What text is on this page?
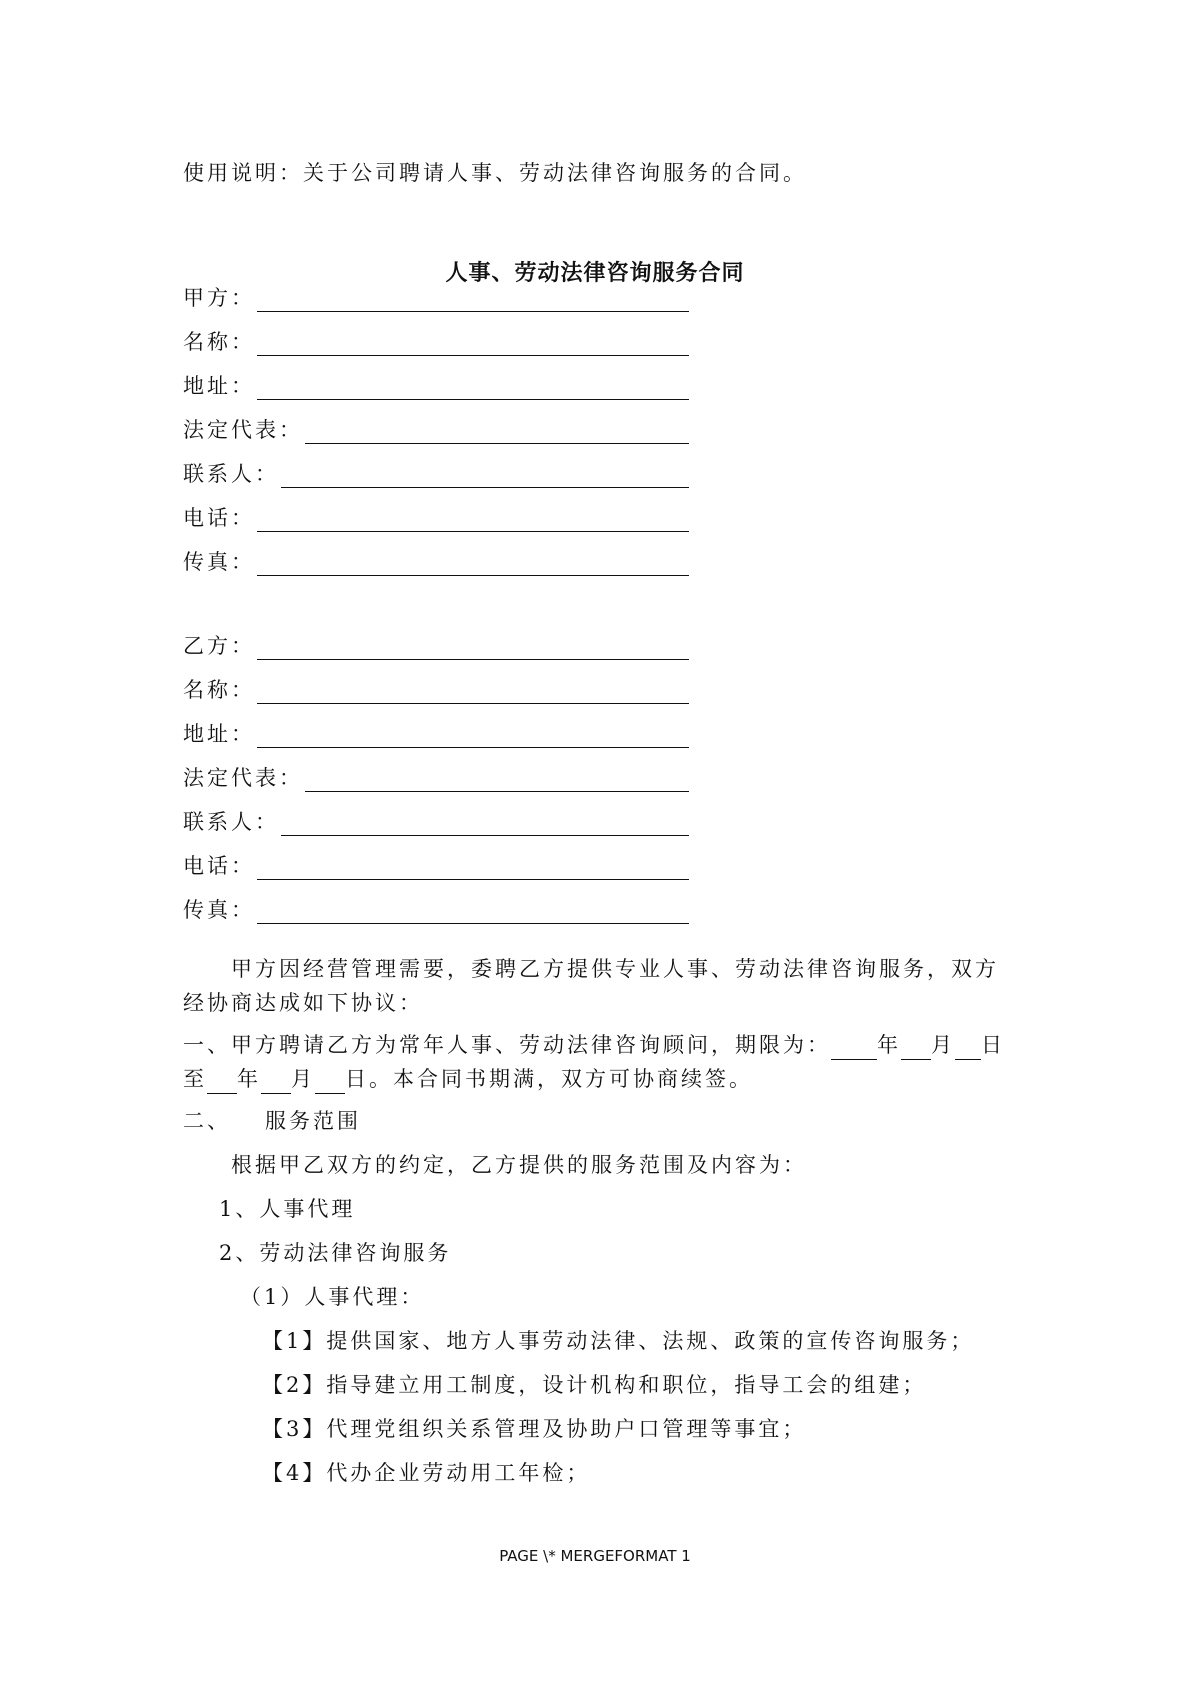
使用说明：关于公司聘请人事、劳动法律咨询服务的合同。
人事、劳动法律咨询服务合同
甲方：
名称：
地址：
法定代表：
联系人：
电话：
传真：
乙方：
名称：
地址：
法定代表：
联系人：
电话：
传真：
甲方因经营管理需要，委聘乙方提供专业人事、劳动法律咨询服务，双方
经协商达成如下协议：
一、甲方聘请乙方为常年人事、劳动法律咨询顾问，期限为： 年 月 日
至 年 月 日。本合同书期满，双方可协商续签。
二、 服务范围
根据甲乙双方的约定，乙方提供的服务范围及内容为：
1、人事代理
2、劳动法律咨询服务
（1）人事代理：
【1】提供国家、地方人事劳动法律、法规、政策的宣传咨询服务；
【2】指导建立用工制度，设计机构和职位，指导工会的组建；
【3】代理党组织关系管理及协助户口管理等事宜；
【4】代办企业劳动用工年检；
PAGE \* MERGEFORMAT 1
